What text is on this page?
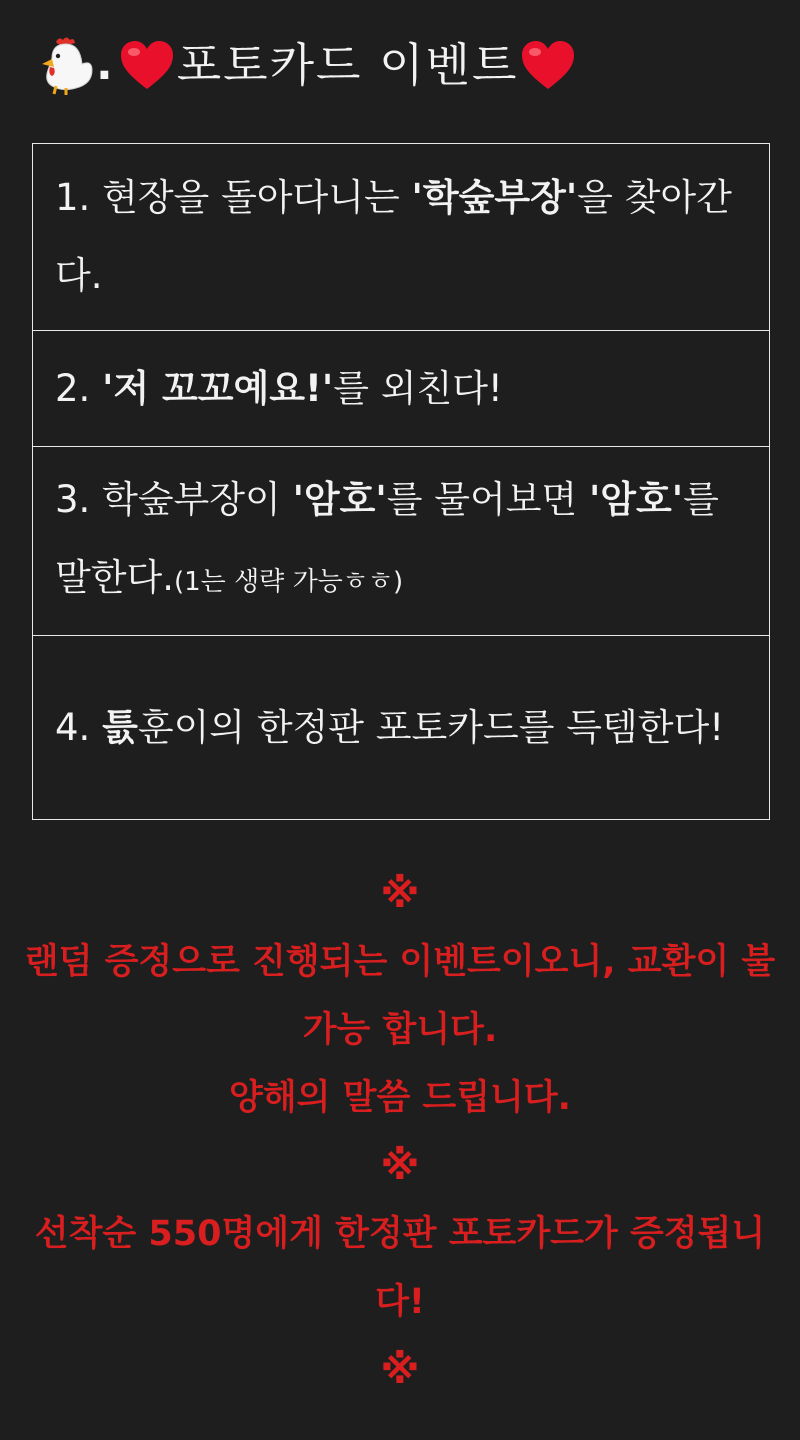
. 포토카드 이벤트
1. 현장을 돌아다니는 '학숲부장'을 찾아간다.
2. '저 꼬꼬예요!'를 외친다!
3. 학숲부장이 '암호'를 물어보면 '암호'를 말한다.(1는 생략 가능ㅎㅎ)
4. 틄훈이의 한정판 포토카드를 득템한다!
※
랜덤 증정으로 진행되는 이벤트이오니, 교환이 불가능 합니다.
양해의 말씀 드립니다.
※
선착순 550명에게 한정판 포토카드가 증정됩니다!
※
